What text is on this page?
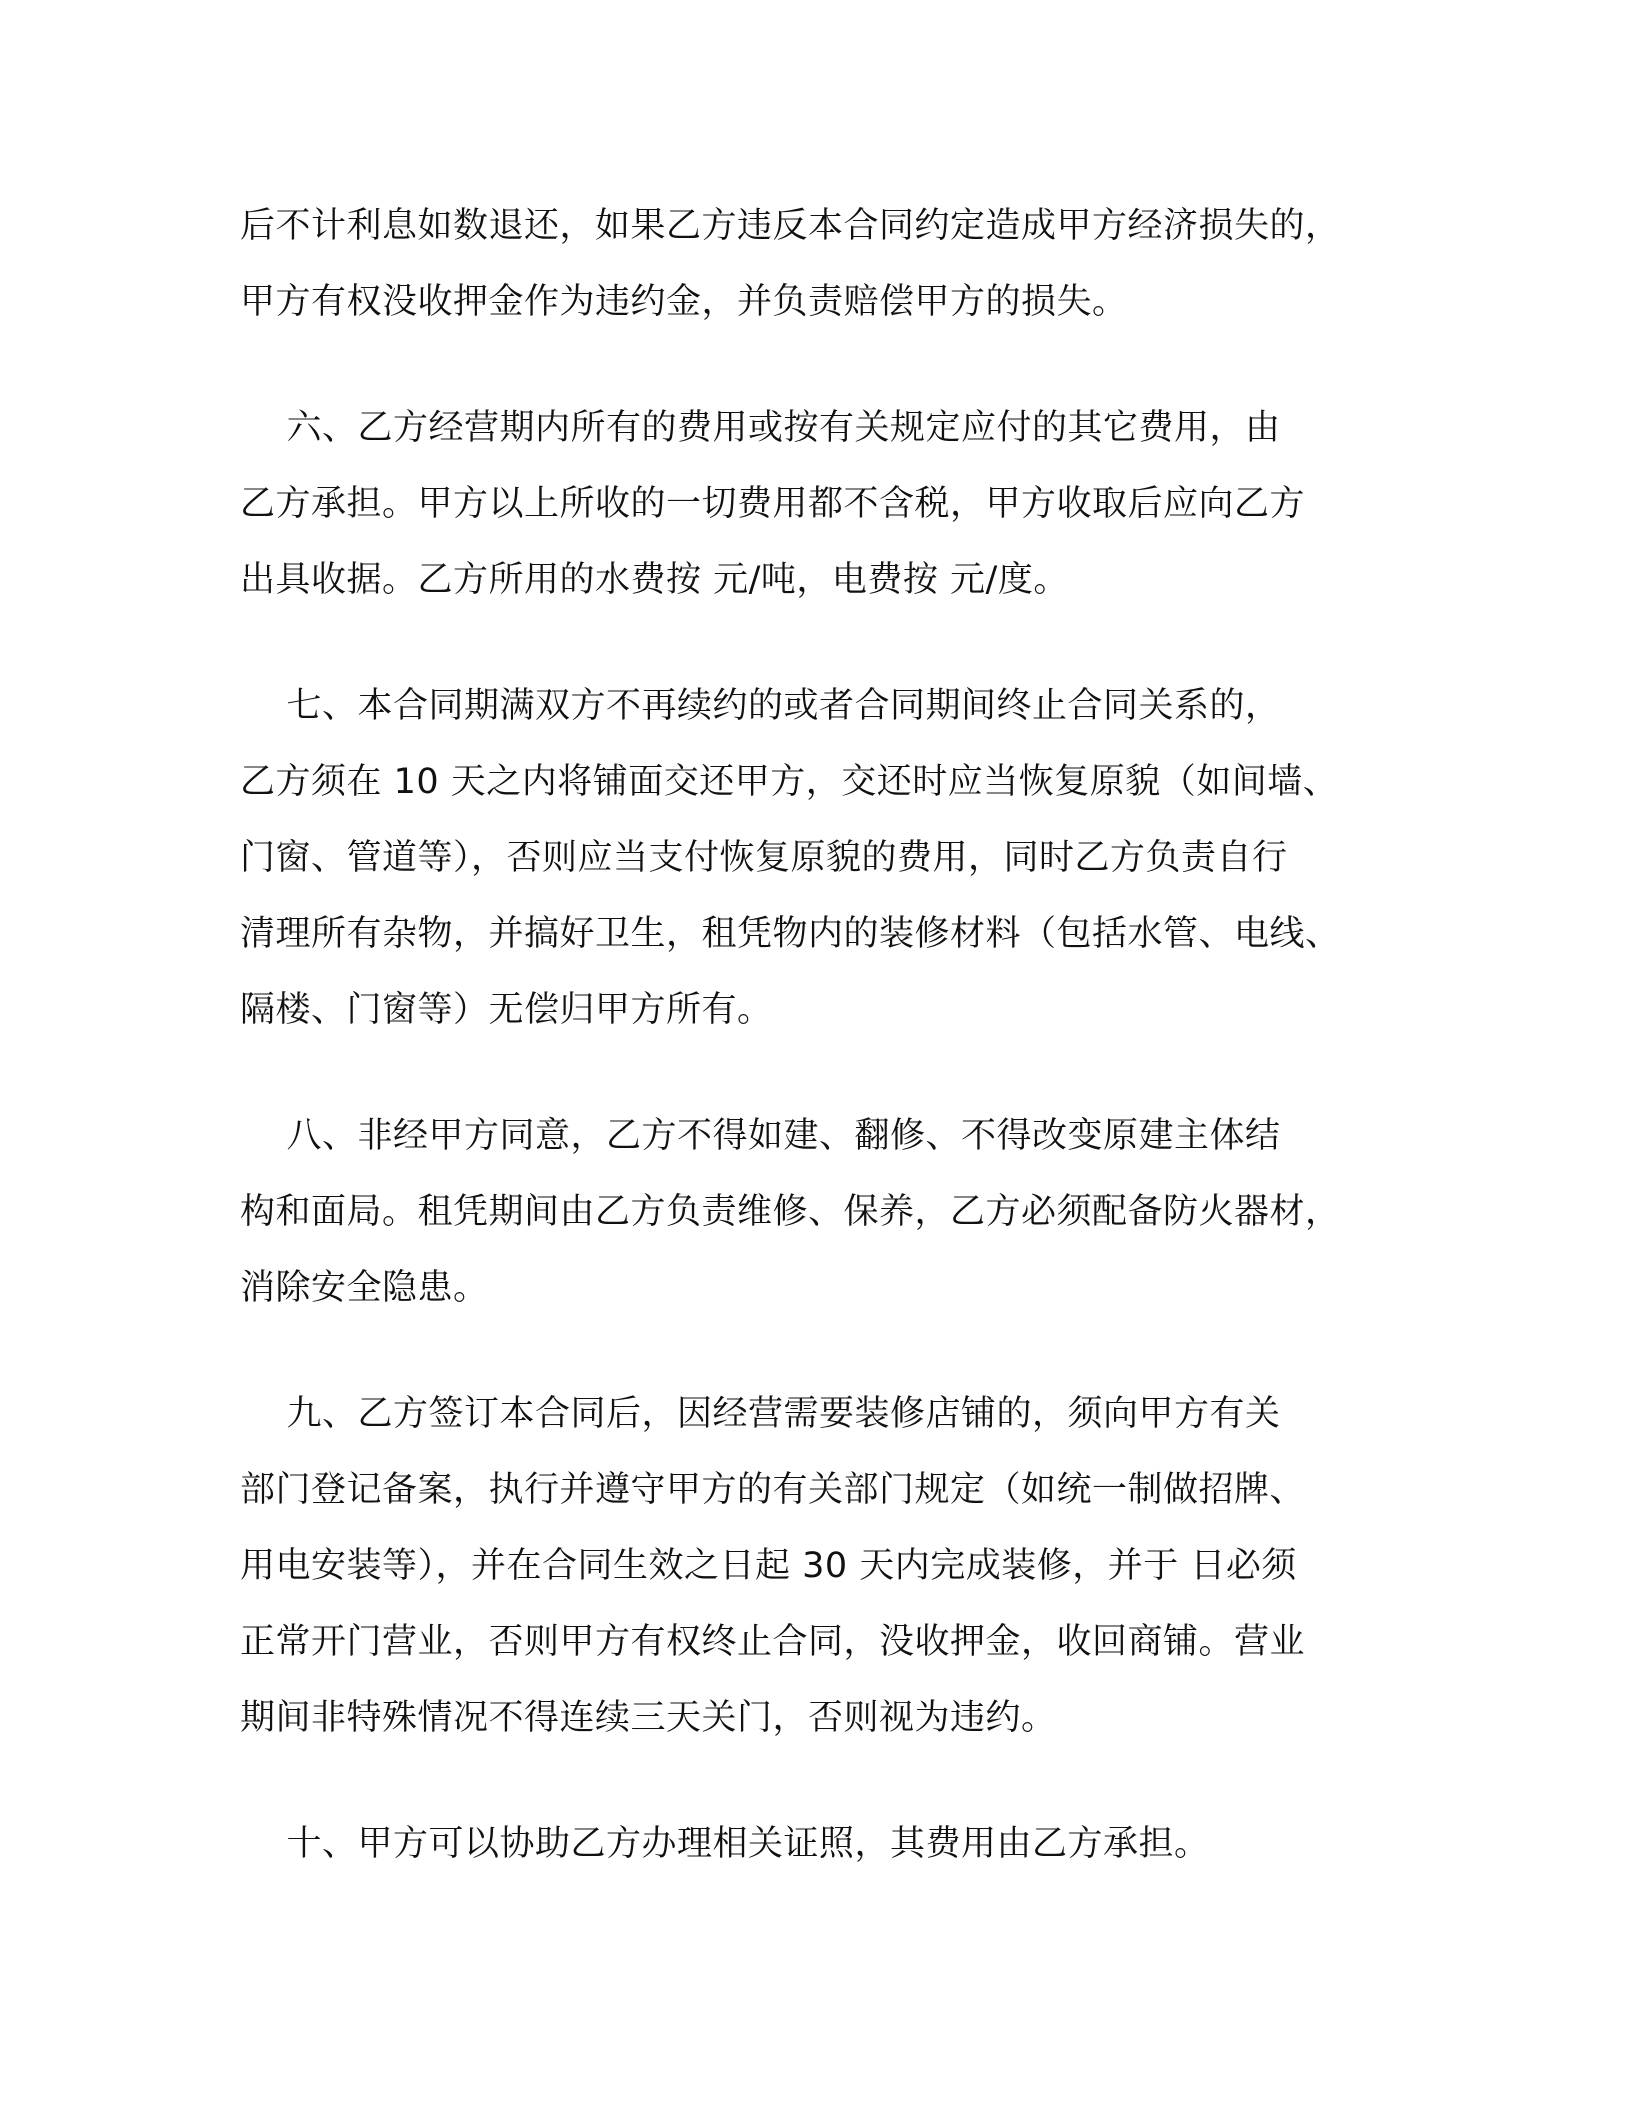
后不计利息如数退还，如果乙方违反本合同约定造成甲方经济损失的，
甲方有权没收押金作为违约金，并负责赔偿甲方的损失。
六、乙方经营期内所有的费用或按有关规定应付的其它费用，由
乙方承担。甲方以上所收的一切费用都不含税，甲方收取后应向乙方
出具收据。乙方所用的水费按 元/吨，电费按 元/度。
七、本合同期满双方不再续约的或者合同期间终止合同关系的，
乙方须在 10 天之内将铺面交还甲方，交还时应当恢复原貌（如间墙、
门窗、管道等），否则应当支付恢复原貌的费用，同时乙方负责自行
清理所有杂物，并搞好卫生，租凭物内的装修材料（包括水管、电线、
隔楼、门窗等）无偿归甲方所有。
八、非经甲方同意，乙方不得如建、翻修、不得改变原建主体结
构和面局。租凭期间由乙方负责维修、保养，乙方必须配备防火器材，
消除安全隐患。
九、乙方签订本合同后，因经营需要装修店铺的，须向甲方有关
部门登记备案，执行并遵守甲方的有关部门规定（如统一制做招牌、
用电安装等），并在合同生效之日起 30 天内完成装修，并于 日必须
正常开门营业，否则甲方有权终止合同，没收押金，收回商铺。营业
期间非特殊情况不得连续三天关门，否则视为违约。
十、甲方可以协助乙方办理相关证照，其费用由乙方承担。
